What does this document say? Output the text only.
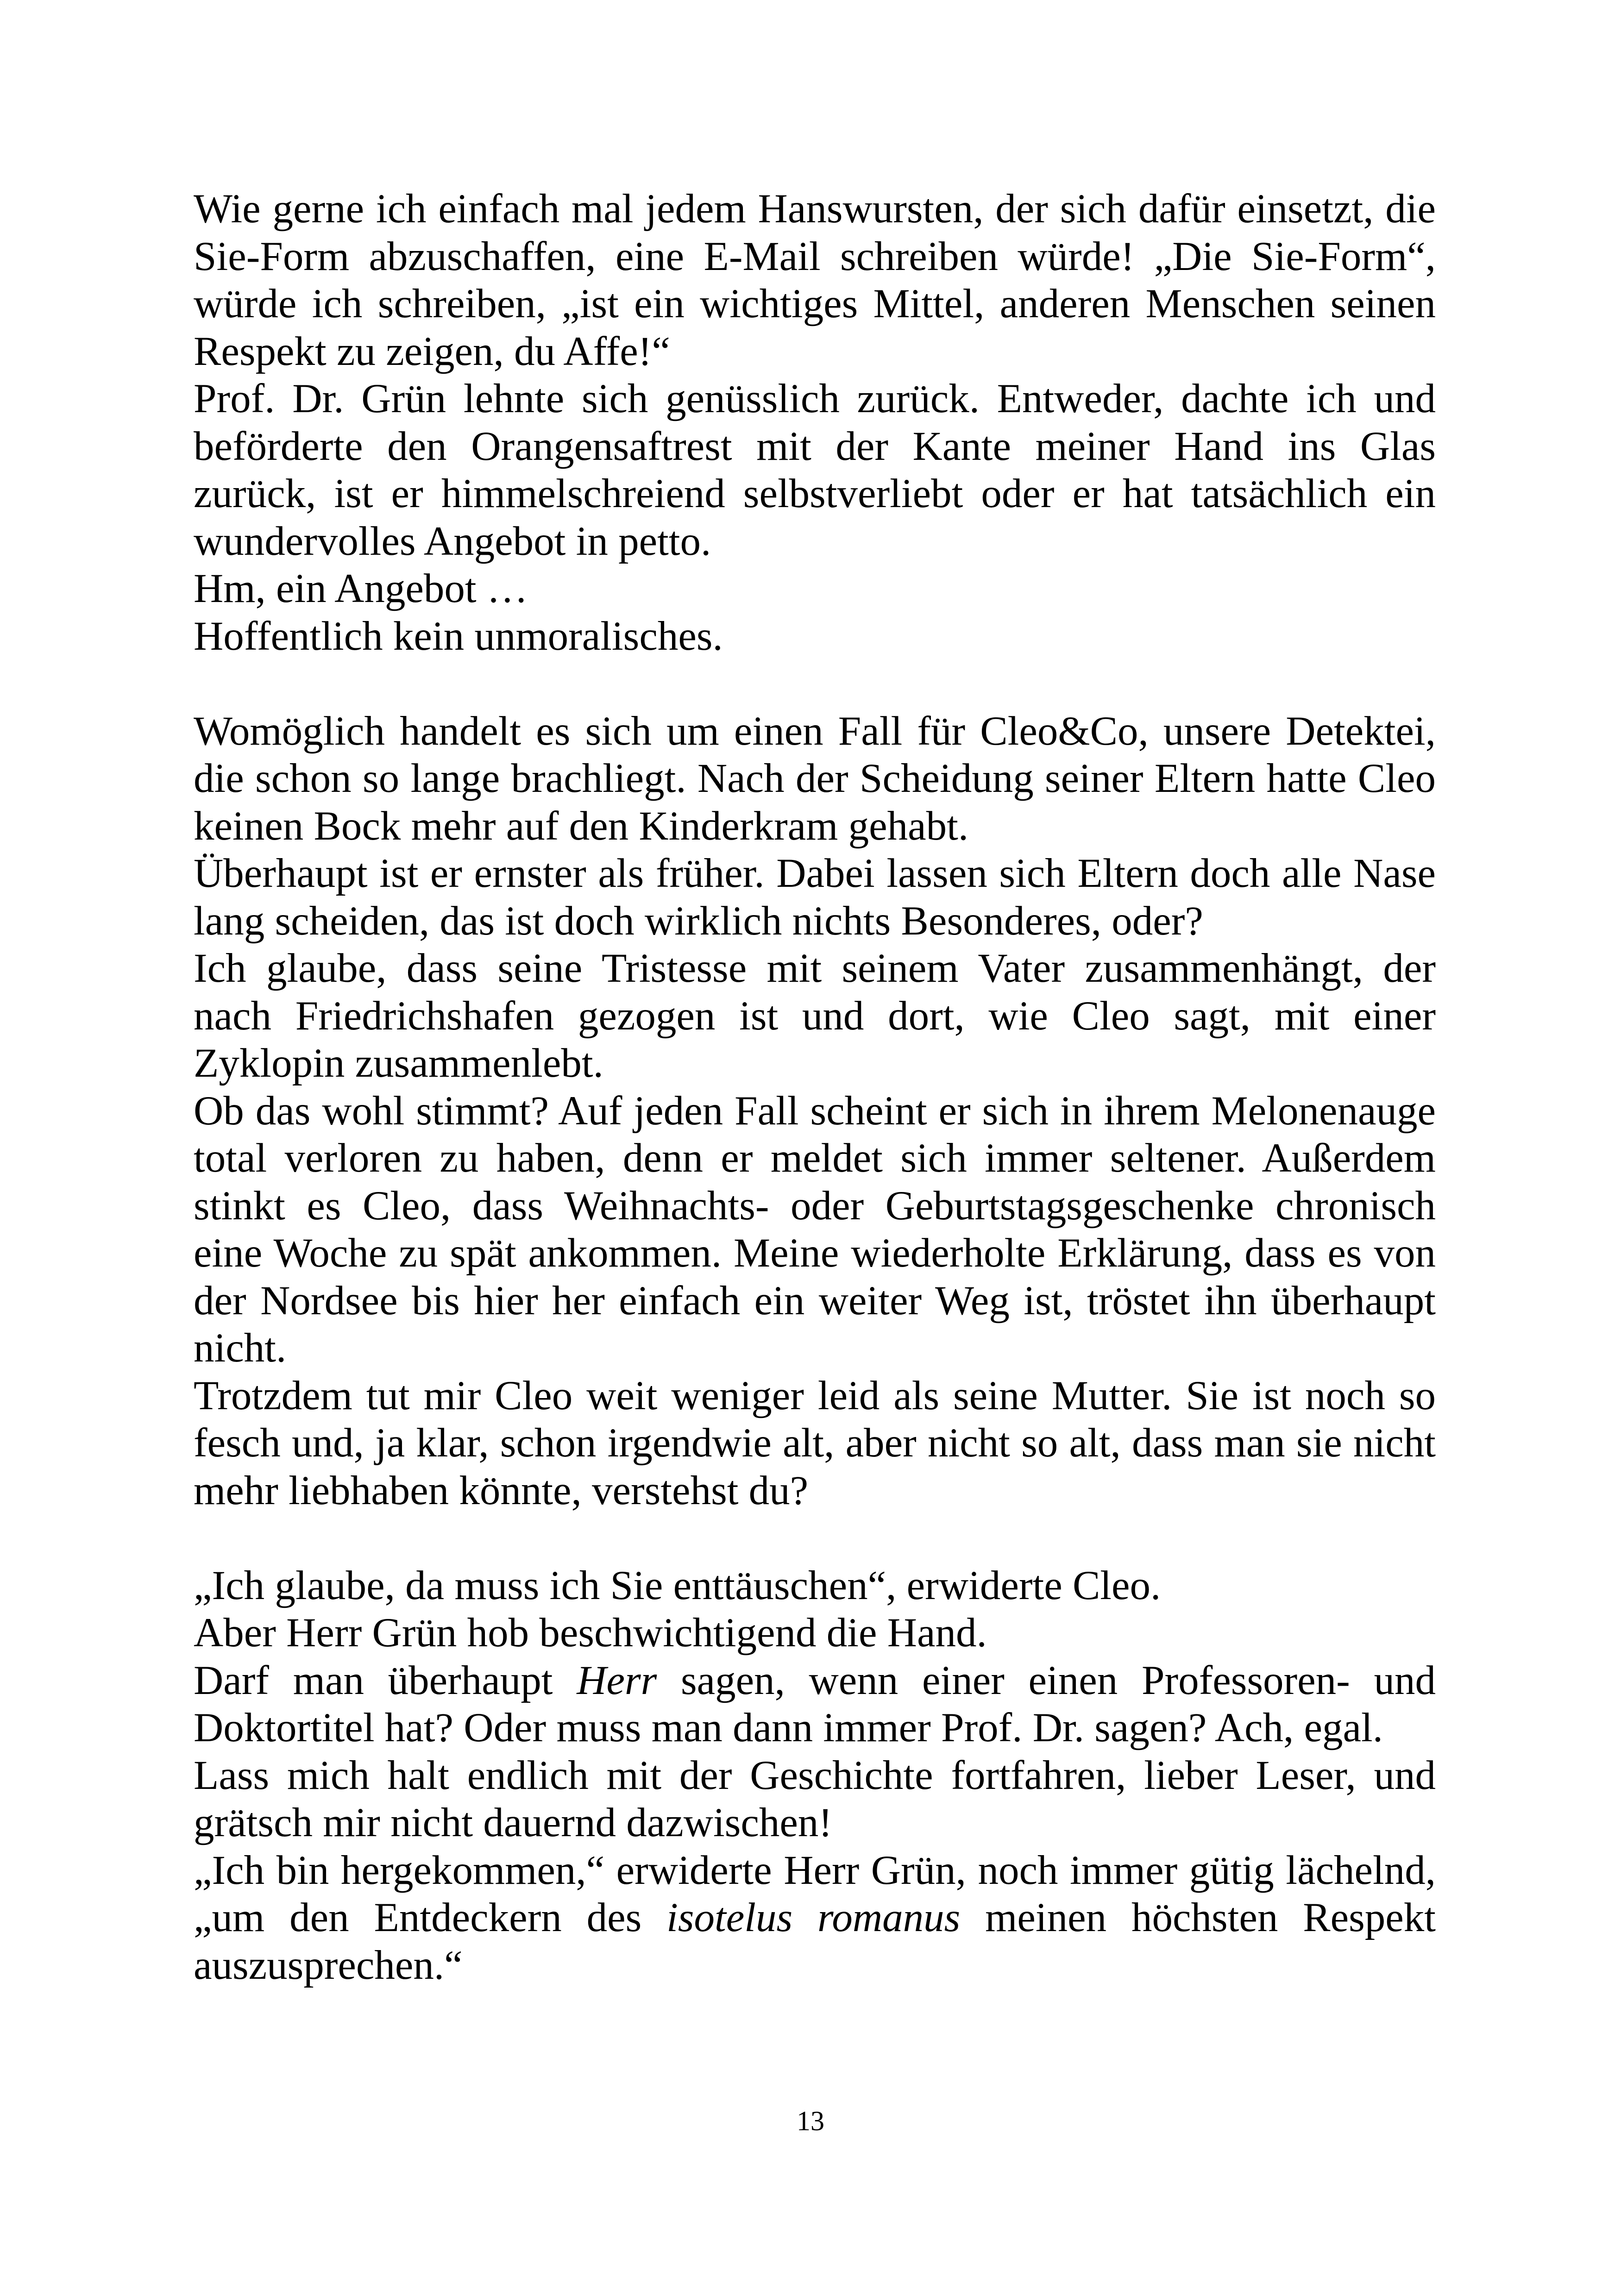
Wie gerne ich einfach mal jedem Hanswursten, der sich dafür einsetzt, die
Sie-Form abzuschaffen, eine E-Mail schreiben würde! „Die Sie-Form“,
würde ich schreiben, „ist ein wichtiges Mittel, anderen Menschen seinen
Respekt zu zeigen, du Affe!“
Prof. Dr. Grün lehnte sich genüsslich zurück. Entweder, dachte ich und
beförderte den Orangensaftrest mit der Kante meiner Hand ins Glas
zurück, ist er himmelschreiend selbstverliebt oder er hat tatsächlich ein
wundervolles Angebot in petto.
Hm, ein Angebot …
Hoffentlich kein unmoralisches.
Womöglich handelt es sich um einen Fall für Cleo&Co, unsere Detektei,
die schon so lange brachliegt. Nach der Scheidung seiner Eltern hatte Cleo
keinen Bock mehr auf den Kinderkram gehabt.
Überhaupt ist er ernster als früher. Dabei lassen sich Eltern doch alle Nase
lang scheiden, das ist doch wirklich nichts Besonderes, oder?
Ich glaube, dass seine Tristesse mit seinem Vater zusammenhängt, der
nach Friedrichshafen gezogen ist und dort, wie Cleo sagt, mit einer
Zyklopin zusammenlebt.
Ob das wohl stimmt? Auf jeden Fall scheint er sich in ihrem Melonenauge
total verloren zu haben, denn er meldet sich immer seltener. Außerdem
stinkt es Cleo, dass Weihnachts- oder Geburtstagsgeschenke chronisch
eine Woche zu spät ankommen. Meine wiederholte Erklärung, dass es von
der Nordsee bis hier her einfach ein weiter Weg ist, tröstet ihn überhaupt
nicht.
Trotzdem tut mir Cleo weit weniger leid als seine Mutter. Sie ist noch so
fesch und, ja klar, schon irgendwie alt, aber nicht so alt, dass man sie nicht
mehr liebhaben könnte, verstehst du?
„Ich glaube, da muss ich Sie enttäuschen“, erwiderte Cleo.
Aber Herr Grün hob beschwichtigend die Hand.
Darf man überhaupt Herr sagen, wenn einer einen Professoren- und
Doktortitel hat? Oder muss man dann immer Prof. Dr. sagen? Ach, egal.
Lass mich halt endlich mit der Geschichte fortfahren, lieber Leser, und
grätsch mir nicht dauernd dazwischen!
„Ich bin hergekommen,“ erwiderte Herr Grün, noch immer gütig lächelnd,
„um den Entdeckern des isotelus romanus meinen höchsten Respekt
auszusprechen.“
13
